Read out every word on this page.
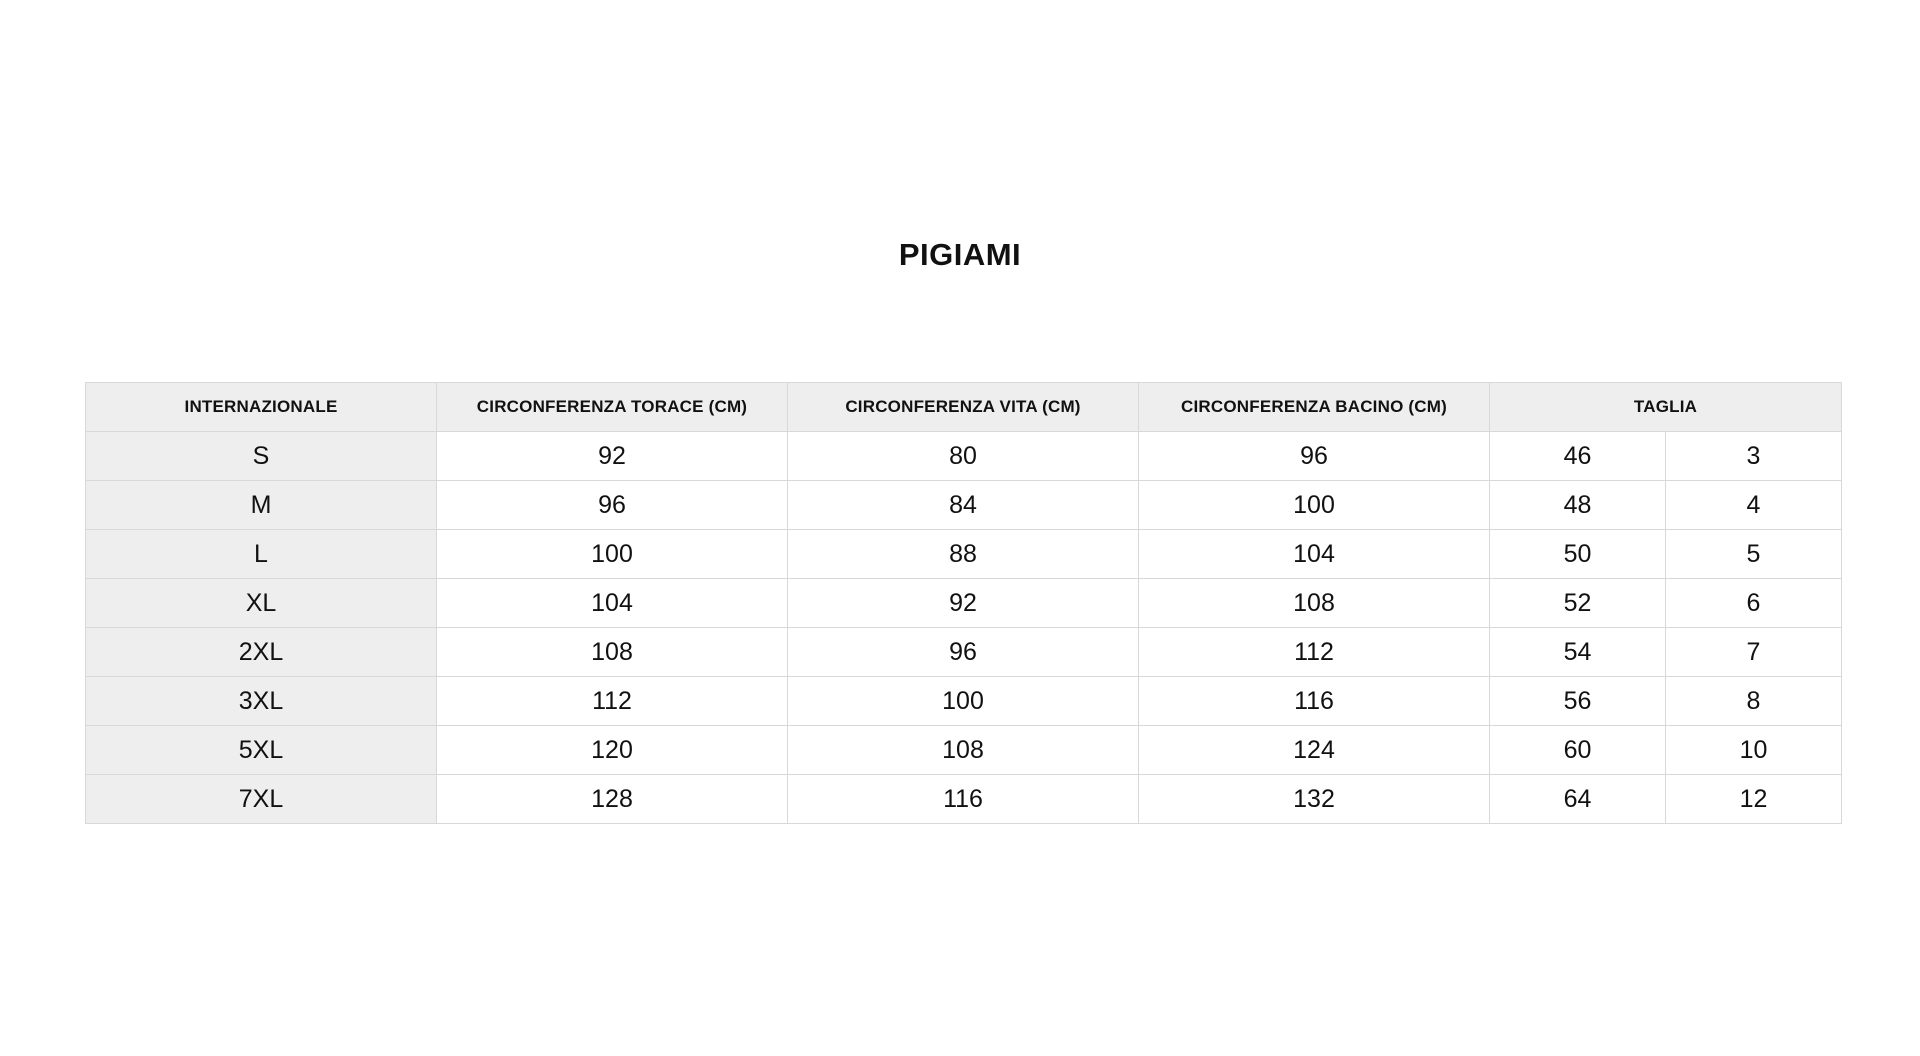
PIGIAMI
INTERNAZIONALE	CIRCONFERENZA TORACE (CM)	CIRCONFERENZA VITA (CM)	CIRCONFERENZA BACINO (CM)	TAGLIA	
S	92	80	96	46	3
M	96	84	100	48	4
L	100	88	104	50	5
XL	104	92	108	52	6
2XL	108	96	112	54	7
3XL	112	100	116	56	8
5XL	120	108	124	60	10
7XL	128	116	132	64	12
